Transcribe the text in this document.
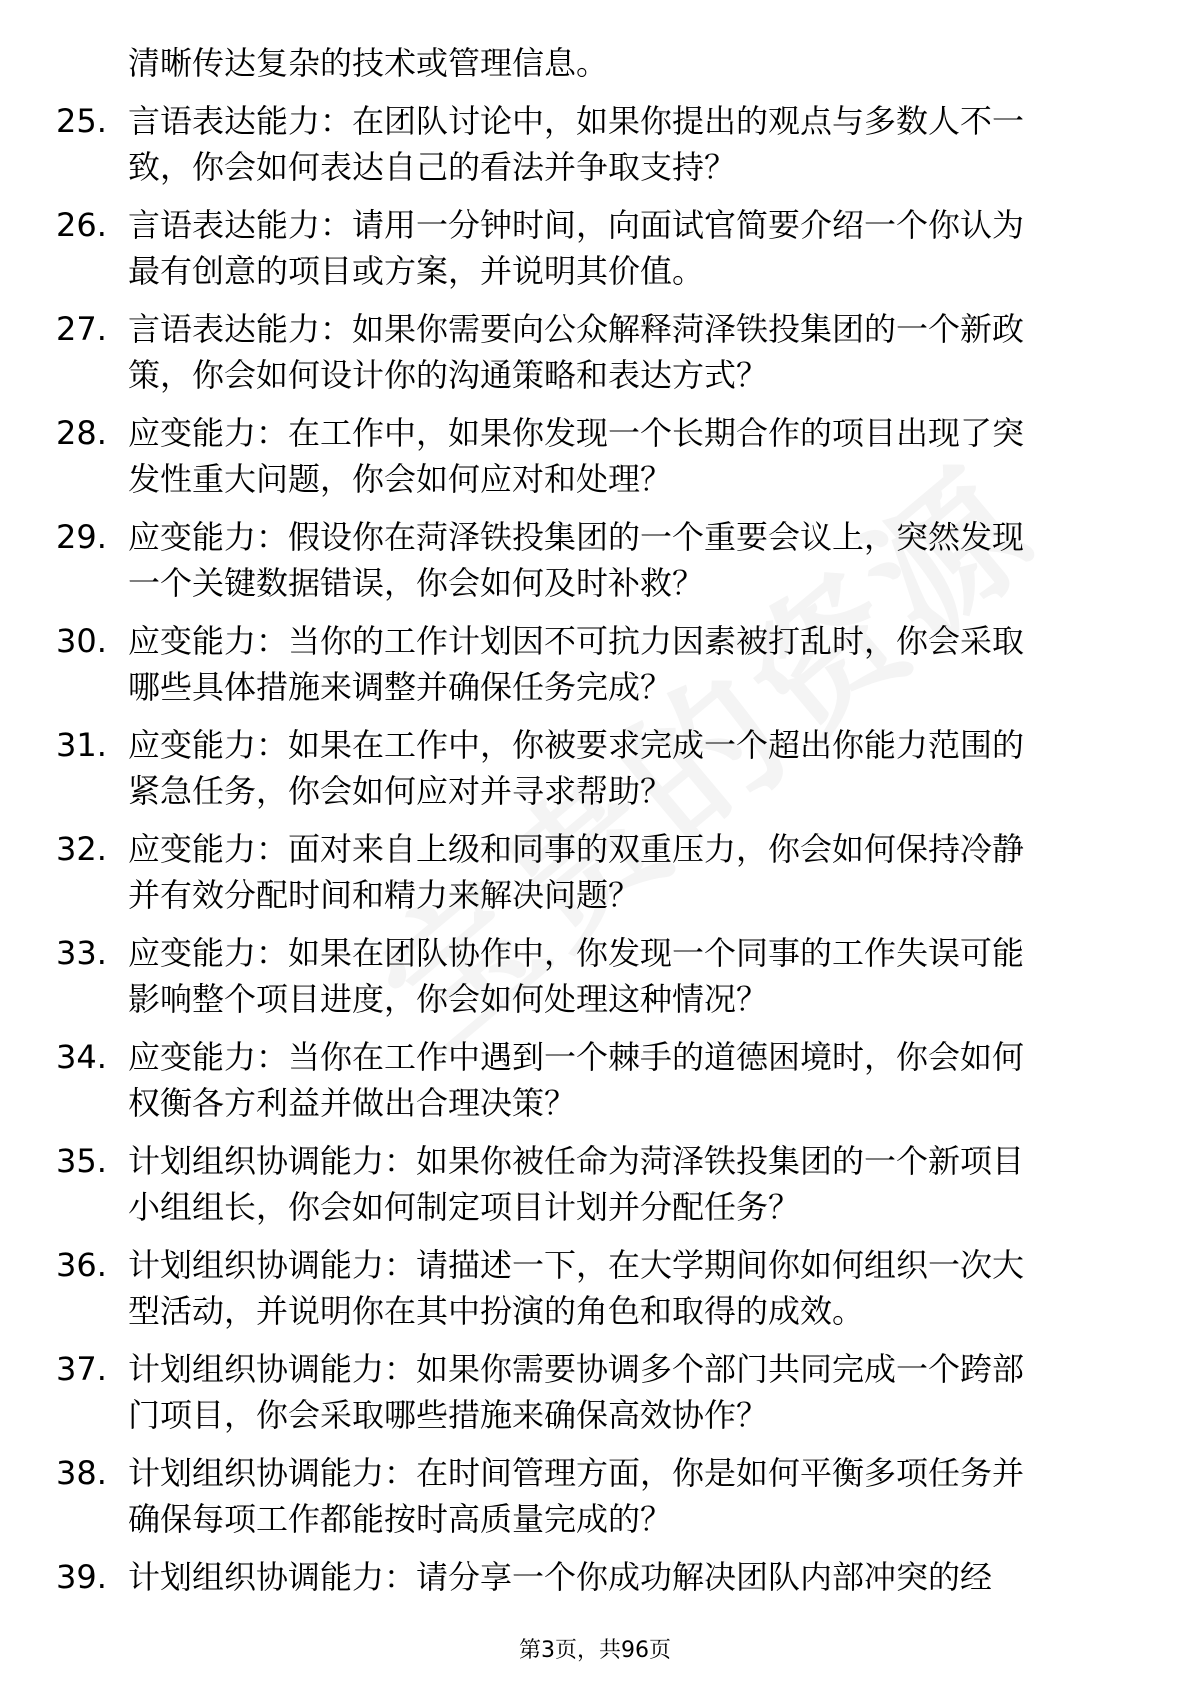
清晰传达复杂的技术或管理信息。
25. 言语表达能力：在团队讨论中，如果你提出的观点与多数人不一
致，你会如何表达自己的看法并争取支持？
26. 言语表达能力：请用一分钟时间，向面试官简要介绍一个你认为
最有创意的项目或方案，并说明其价值。
27. 言语表达能力：如果你需要向公众解释菏泽铁投集团的一个新政
策，你会如何设计你的沟通策略和表达方式？
28. 应变能力：在工作中，如果你发现一个长期合作的项目出现了突
发性重大问题，你会如何应对和处理？
29. 应变能力：假设你在菏泽铁投集团的一个重要会议上，突然发现
一个关键数据错误，你会如何及时补救？
30. 应变能力：当你的工作计划因不可抗力因素被打乱时，你会采取
哪些具体措施来调整并确保任务完成？
31. 应变能力：如果在工作中，你被要求完成一个超出你能力范围的
紧急任务，你会如何应对并寻求帮助？
32. 应变能力：面对来自上级和同事的双重压力，你会如何保持冷静
并有效分配时间和精力来解决问题？
33. 应变能力：如果在团队协作中，你发现一个同事的工作失误可能
影响整个项目进度，你会如何处理这种情况？
34. 应变能力：当你在工作中遇到一个棘手的道德困境时，你会如何
权衡各方利益并做出合理决策？
35. 计划组织协调能力：如果你被任命为菏泽铁投集团的一个新项目
小组组长，你会如何制定项目计划并分配任务？
36. 计划组织协调能力：请描述一下，在大学期间你如何组织一次大
型活动，并说明你在其中扮演的角色和取得的成效。
37. 计划组织协调能力：如果你需要协调多个部门共同完成一个跨部
门项目，你会采取哪些措施来确保高效协作？
38. 计划组织协调能力：在时间管理方面，你是如何平衡多项任务并
确保每项工作都能按时高质量完成的？
39. 计划组织协调能力：请分享一个你成功解决团队内部冲突的经
第3页，共96页
